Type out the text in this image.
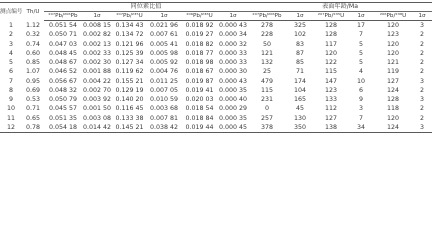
测点编号	Th/U	同位素比值						表面年龄/Ma					
		²⁰⁷Pb/²⁰⁶Pb	1σ	²⁰⁷Pb/²³⁵U	1σ	²⁰⁶Pb/²³⁸U	1σ	²⁰⁷Pb/²⁰⁶Pb	1σ	²⁰⁷Pb/²³⁵U	1σ	²⁰⁶Pb/²³⁸U	1σ
1	1.12	0.051 54	0.008 15	0.134 43	0.021 96	0.018 92	0.000 43	278	325	128	17	120	3
2	0.32	0.050 71	0.002 82	0.134 72	0.007 61	0.019 27	0.000 34	228	102	128	7	123	2
3	0.74	0.047 03	0.002 13	0.121 96	0.005 41	0.018 82	0.000 32	50	83	117	5	120	2
4	0.60	0.048 45	0.002 33	0.125 39	0.005 98	0.018 77	0.000 33	121	87	120	5	120	2
5	0.85	0.048 67	0.002 30	0.127 34	0.005 92	0.018 98	0.000 33	132	85	122	5	121	2
6	1.07	0.046 52	0.001 88	0.119 62	0.004 76	0.018 67	0.000 30	25	71	115	4	119	2
7	0.95	0.056 67	0.004 22	0.155 21	0.011 25	0.019 87	0.000 43	479	174	147	10	127	3
8	0.69	0.048 32	0.002 70	0.129 19	0.007 05	0.019 41	0.000 35	115	104	123	6	124	2
9	0.53	0.050 79	0.003 92	0.140 20	0.010 59	0.020 03	0.000 40	231	165	133	9	128	3
10	0.71	0.045 57	0.001 50	0.116 45	0.003 68	0.018 54	0.000 29	0	45	112	3	118	2
11	0.65	0.051 35	0.003 08	0.133 38	0.007 81	0.018 84	0.000 35	257	130	127	7	120	2
12	0.78	0.054 18	0.014 42	0.145 21	0.038 42	0.019 44	0.000 45	378	350	138	34	124	3
